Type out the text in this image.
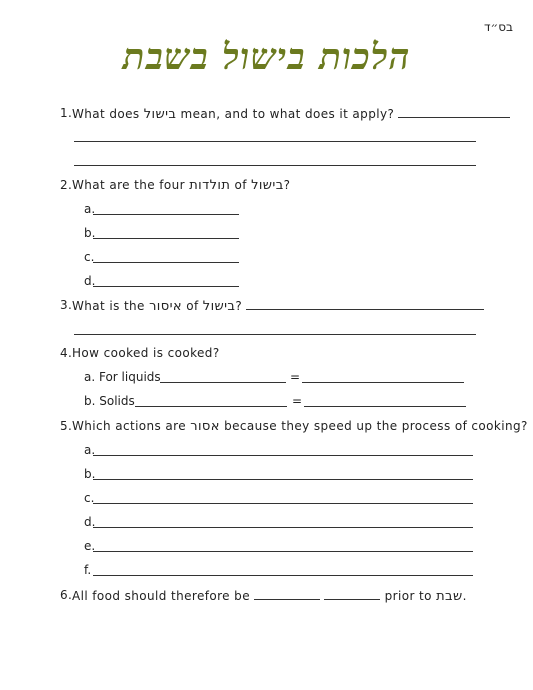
בס״ד
הלכות בישול בשבת
1. What does בישול mean, and to what does it apply?
2. What are the four תולדות of בישול?
a.
b.
c.
d.
3. What is the איסור of בישול?
4. How cooked is cooked?
a. For liquids	=
b. Solids	=
5. Which actions are אסור because they speed up the process of cooking?
a.
b.
c.
d.
e.
f.
6. All food should therefore be	prior to שבת.
